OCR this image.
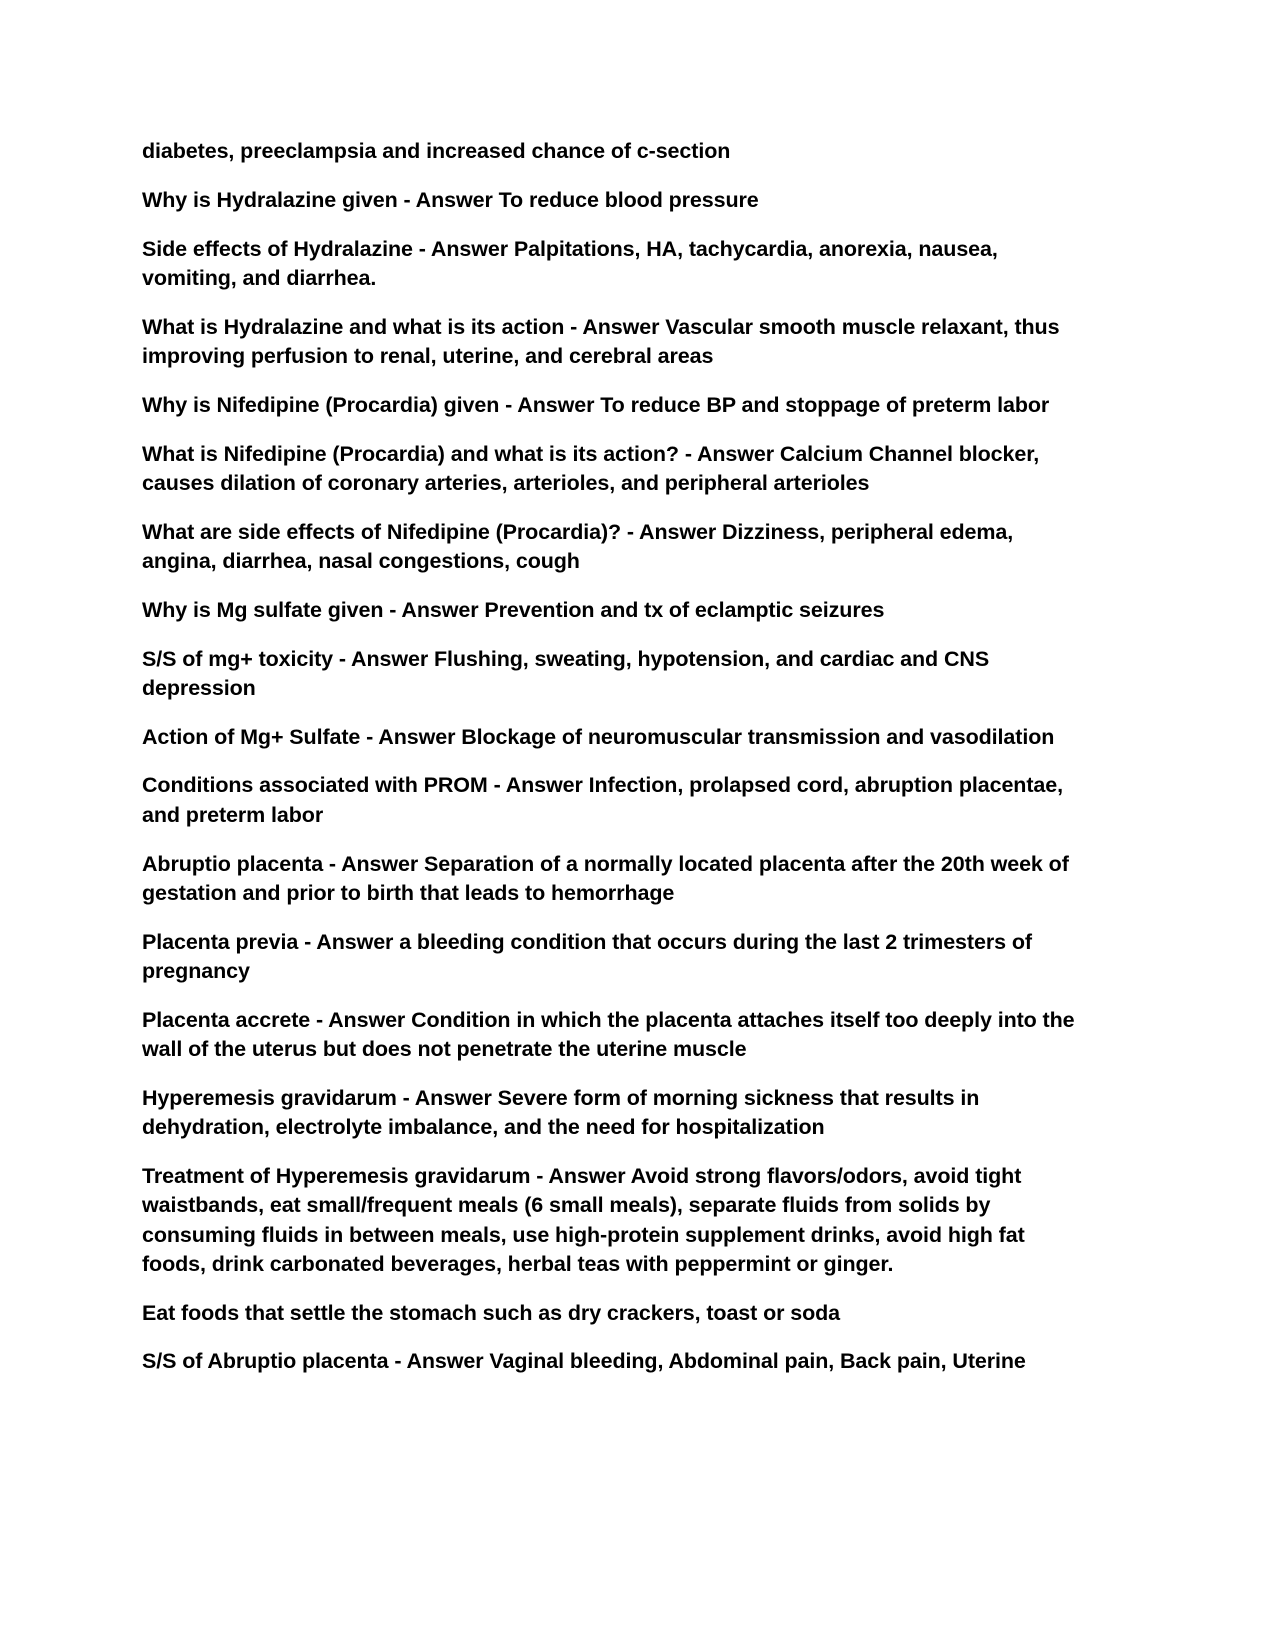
diabetes, preeclampsia and increased chance of c-section

Why is Hydralazine given - Answer To reduce blood pressure

Side effects of Hydralazine - Answer Palpitations, HA, tachycardia, anorexia, nausea, vomiting, and diarrhea.

What is Hydralazine and what is its action - Answer Vascular smooth muscle relaxant, thus improving perfusion to renal, uterine, and cerebral areas

Why is Nifedipine (Procardia) given - Answer To reduce BP and stoppage of preterm labor

What is Nifedipine (Procardia) and what is its action? - Answer Calcium Channel blocker, causes dilation of coronary arteries, arterioles, and peripheral arterioles

What are side effects of Nifedipine (Procardia)? - Answer Dizziness, peripheral edema, angina, diarrhea, nasal congestions, cough

Why is Mg sulfate given - Answer Prevention and tx of eclamptic seizures

S/S of mg+ toxicity - Answer Flushing, sweating, hypotension, and cardiac and CNS depression

Action of Mg+ Sulfate - Answer Blockage of neuromuscular transmission and vasodilation

Conditions associated with PROM - Answer Infection, prolapsed cord, abruption placentae, and preterm labor

Abruptio placenta - Answer Separation of a normally located placenta after the 20th week of gestation and prior to birth that leads to hemorrhage

Placenta previa - Answer a bleeding condition that occurs during the last 2 trimesters of pregnancy

Placenta accrete - Answer Condition in which the placenta attaches itself too deeply into the wall of the uterus but does not penetrate the uterine muscle

Hyperemesis gravidarum - Answer Severe form of morning sickness that results in dehydration, electrolyte imbalance, and the need for hospitalization

Treatment of Hyperemesis gravidarum - Answer Avoid strong flavors/odors, avoid tight waistbands, eat small/frequent meals (6 small meals), separate fluids from solids by consuming fluids in between meals, use high-protein supplement drinks, avoid high fat foods, drink carbonated beverages, herbal teas with peppermint or ginger.

Eat foods that settle the stomach such as dry crackers, toast or soda

S/S of Abruptio placenta - Answer Vaginal bleeding, Abdominal pain, Back pain, Uterine
